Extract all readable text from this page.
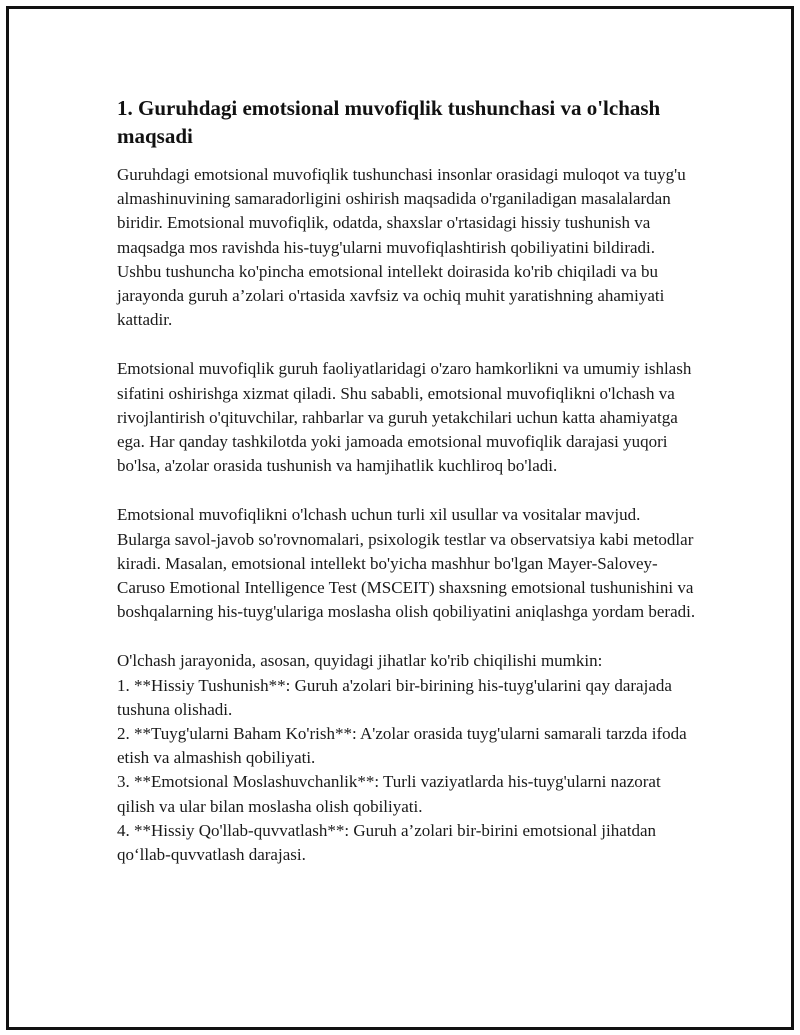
1. Guruhdagi emotsional muvofiqlik tushunchasi va o'lchash maqsadi

Guruhdagi emotsional muvofiqlik tushunchasi insonlar orasidagi muloqot va tuyg'u almashinuvining samaradorligini oshirish maqsadida o'rganiladigan masalalardan biridir. Emotsional muvofiqlik, odatda, shaxslar o'rtasidagi hissiy tushunish va maqsadga mos ravishda his-tuyg'ularni muvofiqlashtirish qobiliyatini bildiradi. Ushbu tushuncha ko'pincha emotsional intellekt doirasida ko'rib chiqiladi va bu jarayonda guruh a’zolari o'rtasida xavfsiz va ochiq muhit yaratishning ahamiyati kattadir.

Emotsional muvofiqlik guruh faoliyatlaridagi o'zaro hamkorlikni va umumiy ishlash sifatini oshirishga xizmat qiladi. Shu sababli, emotsional muvofiqlikni o'lchash va rivojlantirish o'qituvchilar, rahbarlar va guruh yetakchilari uchun katta ahamiyatga ega. Har qanday tashkilotda yoki jamoada emotsional muvofiqlik darajasi yuqori bo'lsa, a'zolar orasida tushunish va hamjihatlik kuchliroq bo'ladi.

Emotsional muvofiqlikni o'lchash uchun turli xil usullar va vositalar mavjud. Bularga savol-javob so'rovnomalari, psixologik testlar va observatsiya kabi metodlar kiradi. Masalan, emotsional intellekt bo'yicha mashhur bo'lgan Mayer-Salovey-Caruso Emotional Intelligence Test (MSCEIT) shaxsning emotsional tushunishini va boshqalarning his-tuyg'ulariga moslasha olish qobiliyatini aniqlashga yordam beradi.

O'lchash jarayonida, asosan, quyidagi jihatlar ko'rib chiqilishi mumkin:
1. **Hissiy Tushunish**: Guruh a'zolari bir-birining his-tuyg'ularini qay darajada tushuna olishadi.
2. **Tuyg'ularni Baham Ko'rish**: A'zolar orasida tuyg'ularni samarali tarzda ifoda etish va almashish qobiliyati.
3. **Emotsional Moslashuvchanlik**: Turli vaziyatlarda his-tuyg'ularni nazorat qilish va ular bilan moslasha olish qobiliyati.
4. **Hissiy Qo'llab-quvvatlash**: Guruh a’zolari bir-birini emotsional jihatdan qo‘llab-quvvatlash darajasi.
